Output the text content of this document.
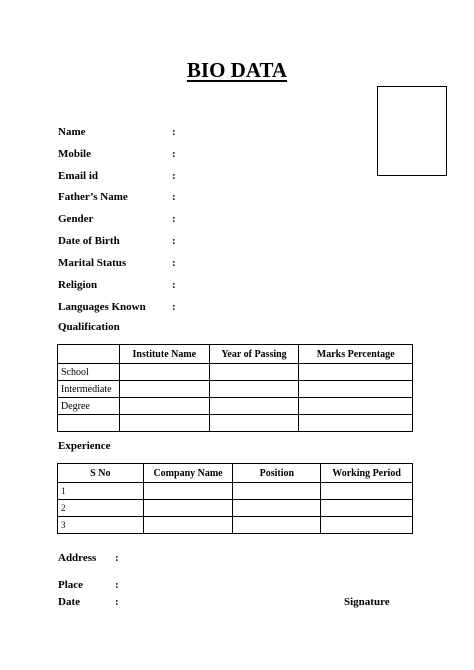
BIO DATA
Name	:
Mobile	:
Email id	:
Father’s Name	:
Gender	:
Date of Birth	:
Marital Status	:
Religion	:
Languages Known :
Qualification
	Institute Name	Year of Passing	Marks Percentage
School			
Intermediate			
Degree			

Experience
S No	Company Name	Position	Working Period
1			
2			
3			
Address :
Place	:
Date	:	Signature
